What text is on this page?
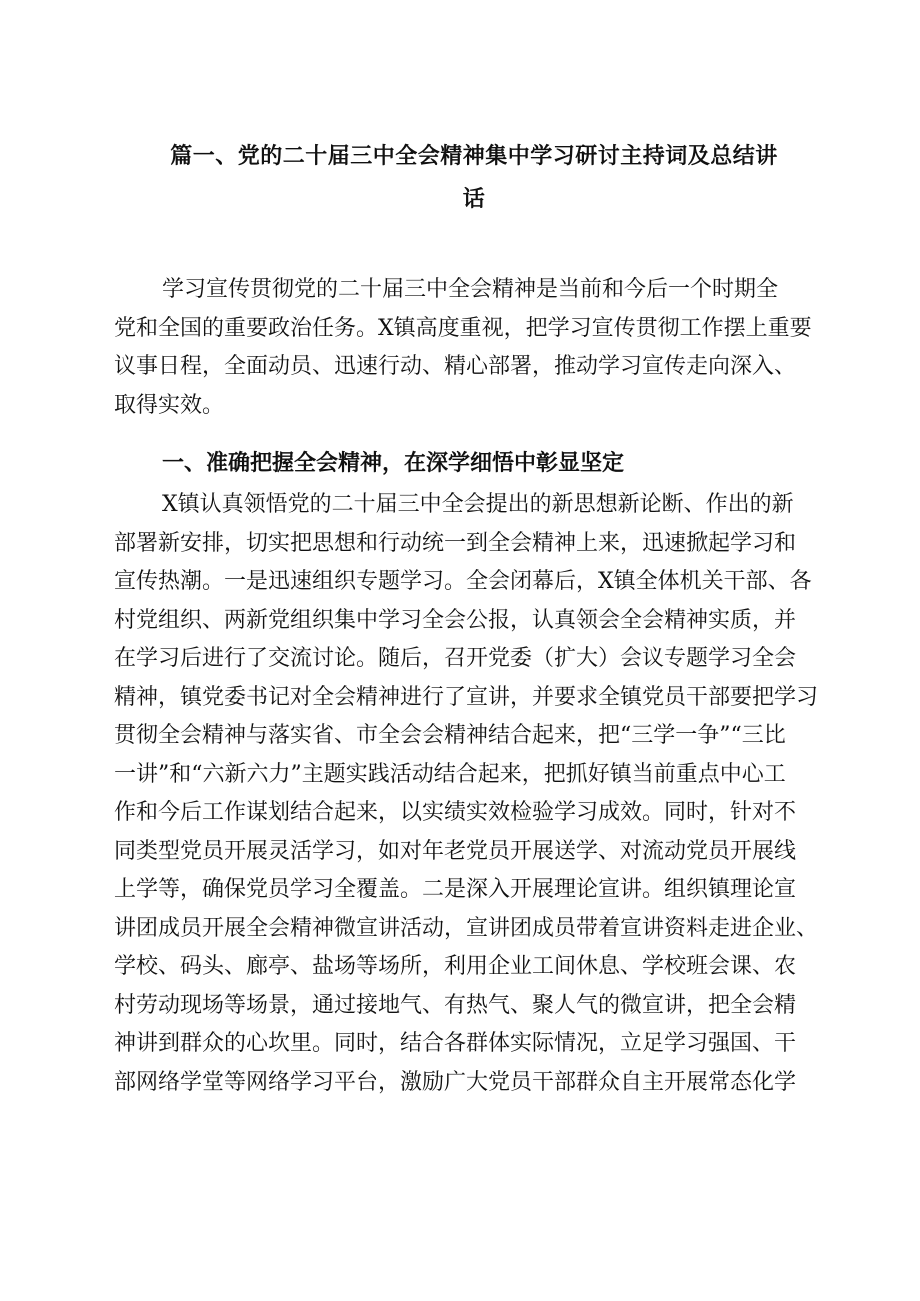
篇一、党的二十届三中全会精神集中学习研讨主持词及总结讲
话
学习宣传贯彻党的二十届三中全会精神是当前和今后一个时期全
党和全国的重要政治任务。X镇高度重视，把学习宣传贯彻工作摆上重要
议事日程，全面动员、迅速行动、精心部署，推动学习宣传走向深入、
取得实效。
一、准确把握全会精神，在深学细悟中彰显坚定
X镇认真领悟党的二十届三中全会提出的新思想新论断、作出的新
部署新安排，切实把思想和行动统一到全会精神上来，迅速掀起学习和
宣传热潮。一是迅速组织专题学习。全会闭幕后，X镇全体机关干部、各
村党组织、两新党组织集中学习全会公报，认真领会全会精神实质，并
在学习后进行了交流讨论。随后，召开党委（扩大）会议专题学习全会
精神，镇党委书记对全会精神进行了宣讲，并要求全镇党员干部要把学习
贯彻全会精神与落实省、市全会会精神结合起来，把“三学一争”“三比
一讲”和“六新六力”主题实践活动结合起来，把抓好镇当前重点中心工
作和今后工作谋划结合起来，以实绩实效检验学习成效。同时，针对不
同类型党员开展灵活学习，如对年老党员开展送学、对流动党员开展线
上学等，确保党员学习全覆盖。二是深入开展理论宣讲。组织镇理论宣
讲团成员开展全会精神微宣讲活动，宣讲团成员带着宣讲资料走进企业、
学校、码头、廊亭、盐场等场所，利用企业工间休息、学校班会课、农
村劳动现场等场景，通过接地气、有热气、聚人气的微宣讲，把全会精
神讲到群众的心坎里。同时，结合各群体实际情况，立足学习强国、干
部网络学堂等网络学习平台，激励广大党员干部群众自主开展常态化学
